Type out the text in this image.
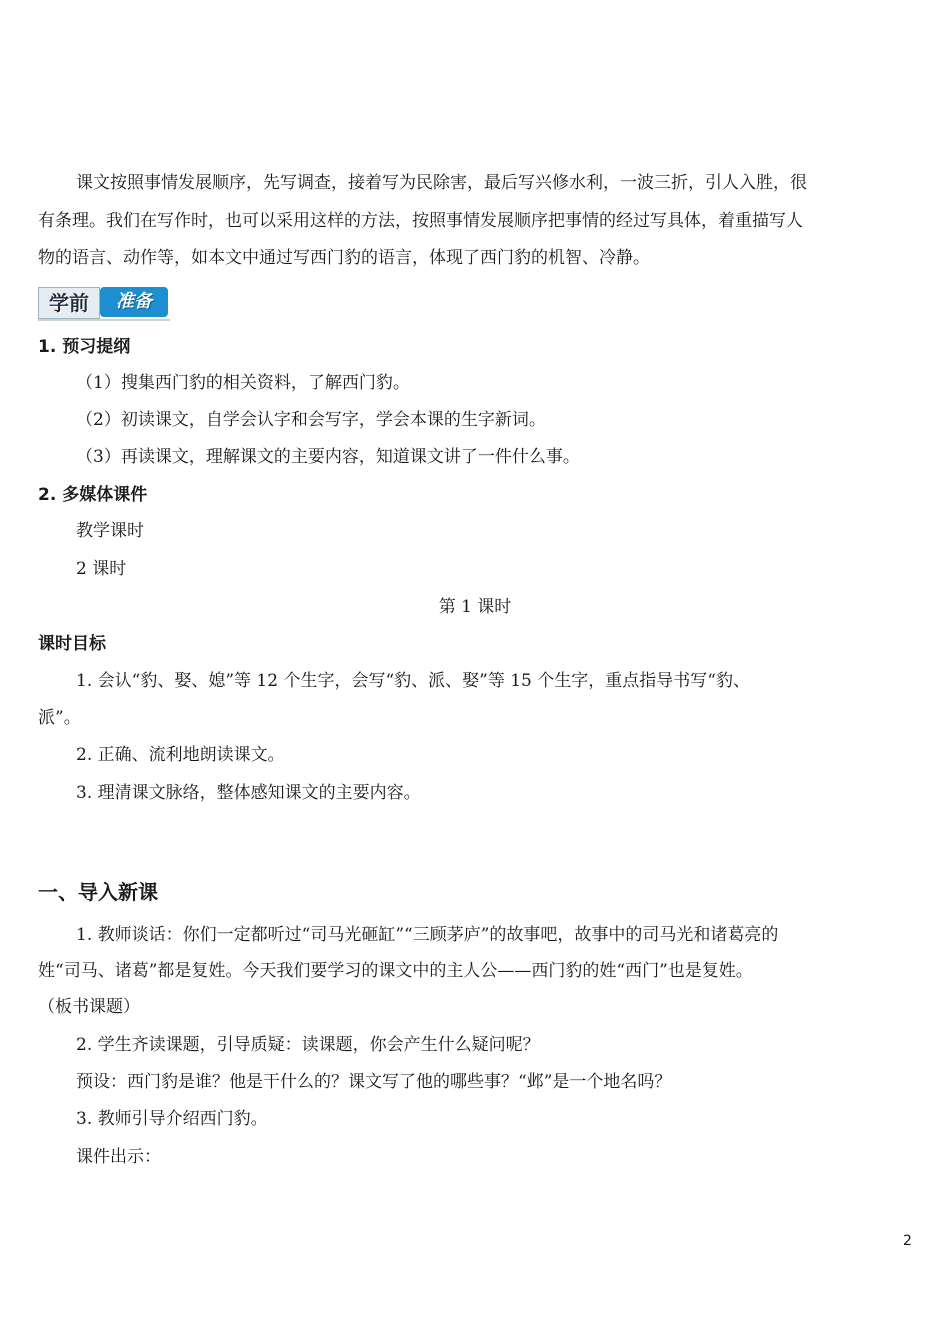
课文按照事情发展顺序，先写调查，接着写为民除害，最后写兴修水利，一波三折，引人入胜，很
有条理。我们在写作时，也可以采用这样的方法，按照事情发展顺序把事情的经过写具体，着重描写人
物的语言、动作等，如本文中通过写西门豹的语言，体现了西门豹的机智、冷静。
学前	准备
1. 预习提纲
（1）搜集西门豹的相关资料，了解西门豹。
（2）初读课文，自学会认字和会写字，学会本课的生字新词。
（3）再读课文，理解课文的主要内容，知道课文讲了一件什么事。
2. 多媒体课件
教学课时
2 课时
第 1 课时
课时目标
1. 会认“豹、娶、媳”等 12 个生字，会写“豹、派、娶”等 15 个生字，重点指导书写“豹、
派”。
2. 正确、流利地朗读课文。
3. 理清课文脉络，整体感知课文的主要内容。
一、导入新课
1. 教师谈话：你们一定都听过“司马光砸缸”“三顾茅庐”的故事吧，故事中的司马光和诸葛亮的
姓“司马、诸葛”都是复姓。今天我们要学习的课文中的主人公——西门豹的姓“西门”也是复姓。
（板书课题）
2. 学生齐读课题，引导质疑：读课题，你会产生什么疑问呢？
预设：西门豹是谁？他是干什么的？课文写了他的哪些事？“邺”是一个地名吗？
3. 教师引导介绍西门豹。
课件出示：
2
